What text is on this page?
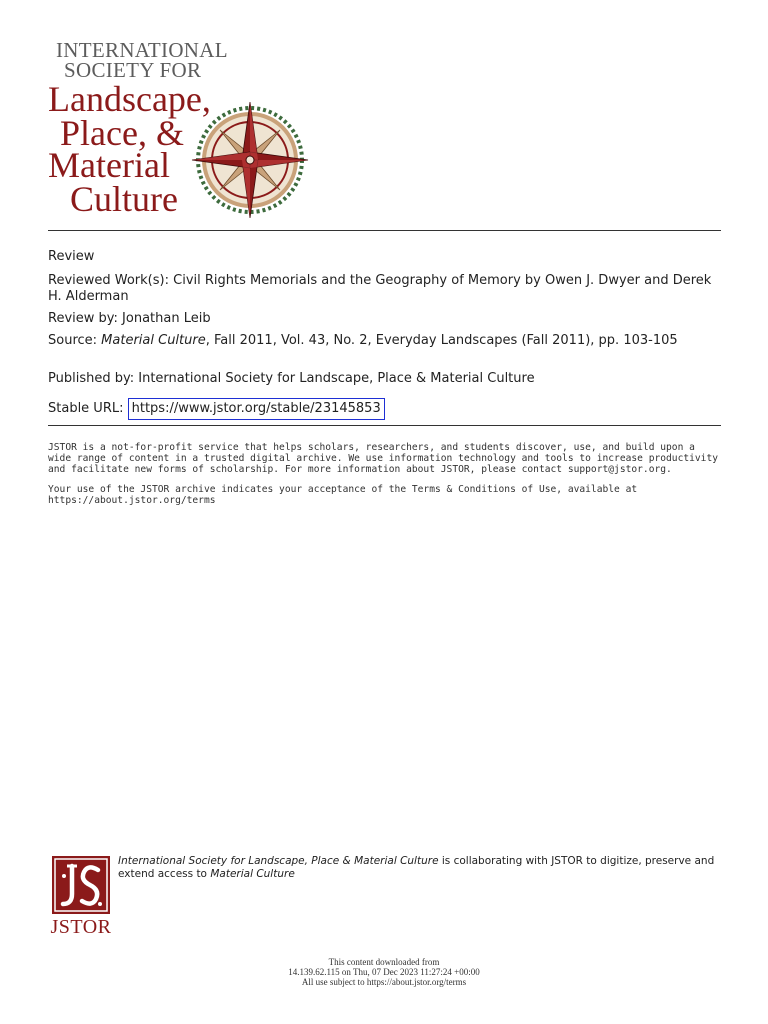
INTERNATIONAL
SOCIETY FOR
Landscape,
Place, &
Material
Culture
Review
Reviewed Work(s): Civil Rights Memorials and the Geography of Memory by Owen J. Dwyer and Derek H. Alderman
Review by: Jonathan Leib
Source: Material Culture, Fall 2011, Vol. 43, No. 2, Everyday Landscapes (Fall 2011), pp. 103-105
Published by: International Society for Landscape, Place & Material Culture
Stable URL: https://www.jstor.org/stable/23145853
JSTOR is a not-for-profit service that helps scholars, researchers, and students discover, use, and build upon a wide range of content in a trusted digital archive. We use information technology and tools to increase productivity and facilitate new forms of scholarship. For more information about JSTOR, please contact support@jstor.org.
Your use of the JSTOR archive indicates your acceptance of the Terms & Conditions of Use, available at https://about.jstor.org/terms
JSTOR
International Society for Landscape, Place & Material Culture is collaborating with JSTOR to digitize, preserve and extend access to Material Culture
This content downloaded from
14.139.62.115 on Thu, 07 Dec 2023 11:27:24 +00:00
All use subject to https://about.jstor.org/terms
